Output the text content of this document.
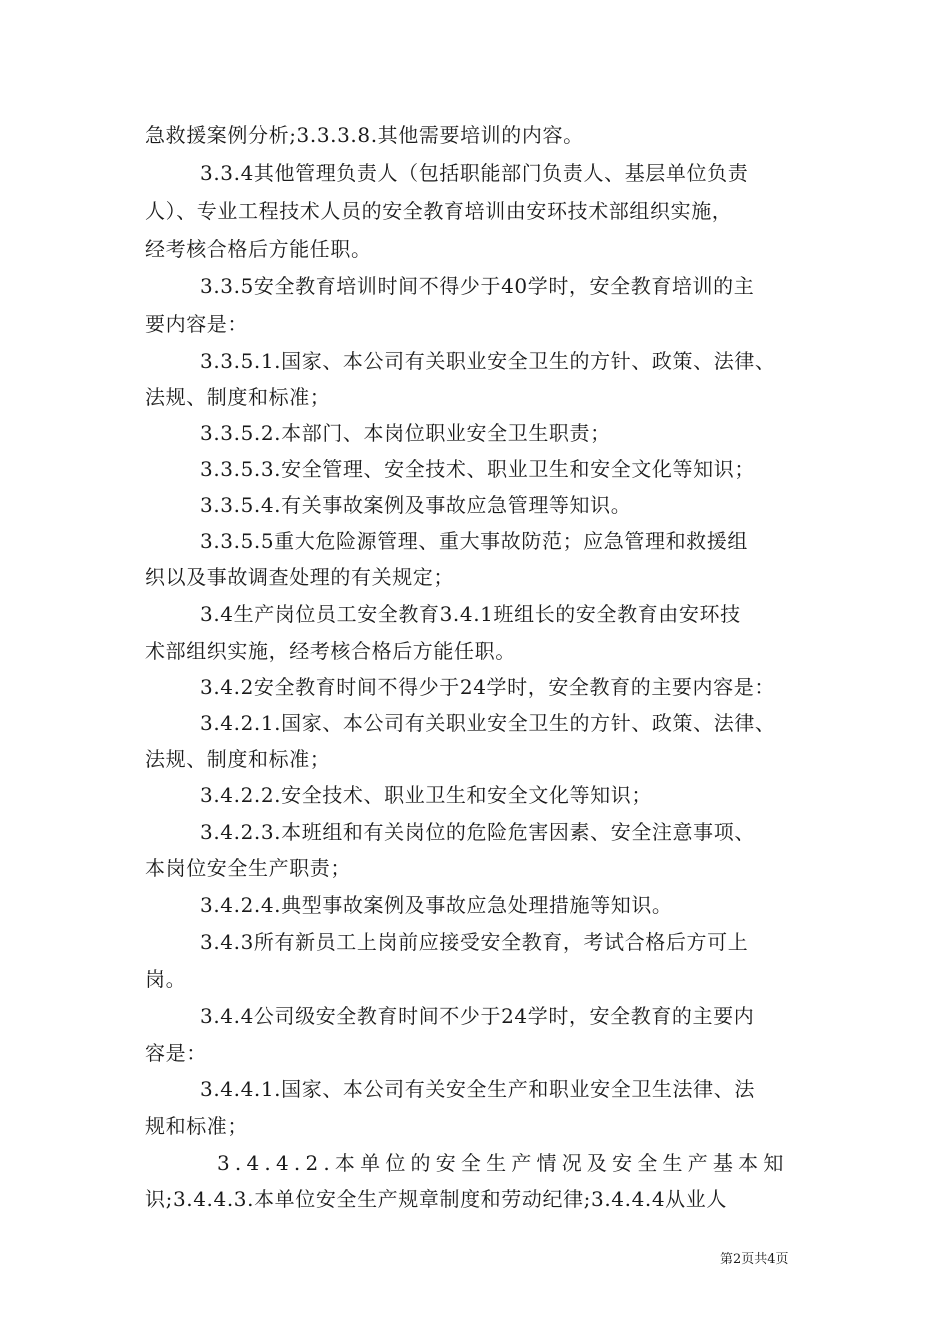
急救援案例分析;3.3.3.8.其他需要培训的内容。
3.3.4其他管理负责人（包括职能部门负责人、基层单位负责
人）、专业工程技术人员的安全教育培训由安环技术部组织实施，
经考核合格后方能任职。
3.3.5安全教育培训时间不得少于40学时，安全教育培训的主
要内容是：
3.3.5.1.国家、本公司有关职业安全卫生的方针、政策、法律、
法规、制度和标准；
3.3.5.2.本部门、本岗位职业安全卫生职责；
3.3.5.3.安全管理、安全技术、职业卫生和安全文化等知识；
3.3.5.4.有关事故案例及事故应急管理等知识。
3.3.5.5重大危险源管理、重大事故防范；应急管理和救援组
织以及事故调查处理的有关规定；
3.4生产岗位员工安全教育3.4.1班组长的安全教育由安环技
术部组织实施，经考核合格后方能任职。
3.4.2安全教育时间不得少于24学时，安全教育的主要内容是：
3.4.2.1.国家、本公司有关职业安全卫生的方针、政策、法律、
法规、制度和标准；
3.4.2.2.安全技术、职业卫生和安全文化等知识；
3.4.2.3.本班组和有关岗位的危险危害因素、安全注意事项、
本岗位安全生产职责；
3.4.2.4.典型事故案例及事故应急处理措施等知识。
3.4.3所有新员工上岗前应接受安全教育，考试合格后方可上
岗。
3.4.4公司级安全教育时间不少于24学时，安全教育的主要内
容是：
3.4.4.1.国家、本公司有关安全生产和职业安全卫生法律、法
规和标准；
3.4.4.2.本单位的安全生产情况及安全生产基本知
识;3.4.4.3.本单位安全生产规章制度和劳动纪律;3.4.4.4从业人
第2页共4页
